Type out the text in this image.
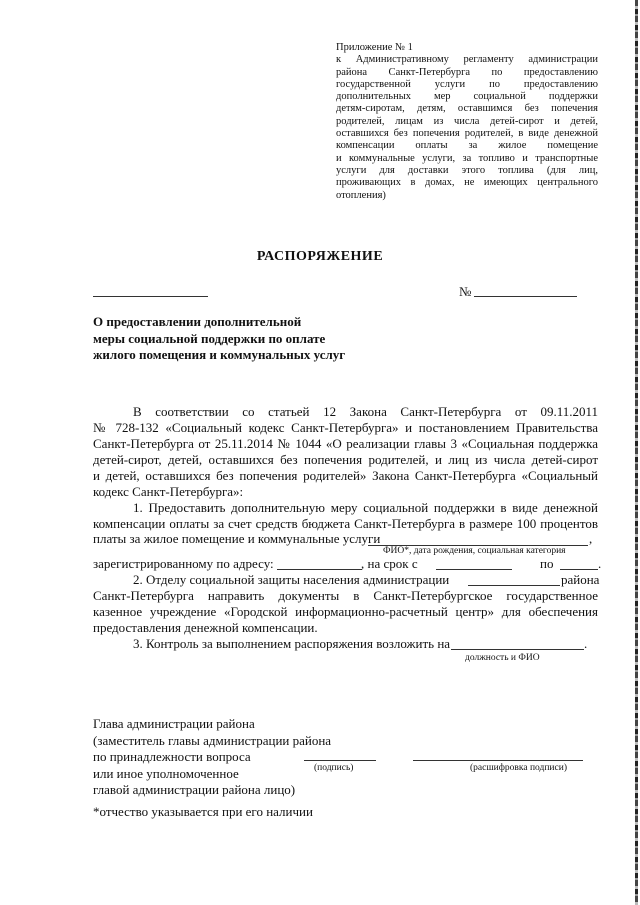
Приложение № 1
к Административному регламенту администрации
района Санкт-Петербурга по предоставлению
государственной услуги по предоставлению
дополнительных мер социальной поддержки
детям-сиротам, детям, оставшимся без попечения
родителей, лицам из числа детей-сирот и детей,
оставшихся без попечения родителей, в виде денежной
компенсации оплаты за жилое помещение
и коммунальные услуги, за топливо и транспортные
услуги для доставки этого топлива (для лиц,
проживающих в домах, не имеющих центрального
отопления)
РАСПОРЯЖЕНИЕ
№
О предоставлении дополнительной
меры социальной поддержки по оплате
жилого помещения и коммунальных услуг
В соответствии со статьей 12 Закона Санкт-Петербурга от 09.11.2011
№ 728-132 «Социальный кодекс Санкт-Петербурга» и постановлением Правительства
Санкт-Петербурга от 25.11.2014 № 1044 «О реализации главы 3 «Социальная поддержка
детей-сирот, детей, оставшихся без попечения родителей, и лиц из числа детей-сирот
и детей, оставшихся без попечения родителей» Закона Санкт-Петербурга «Социальный
кодекс Санкт-Петербурга»:
1. Предоставить дополнительную меру социальной поддержки в виде денежной
компенсации оплаты за счет средств бюджета Санкт-Петербурга в размере 100 процентов
платы за жилое помещение и коммунальные услуги	,
ФИО*, дата рождения, социальная категория
зарегистрированному по адресу:	, на срок с	по	.
2. Отделу социальной защиты населения администрации	района
Санкт-Петербурга направить документы в Санкт-Петербургское государственное
казенное учреждение «Городской информационно-расчетный центр» для обеспечения
предоставления денежной компенсации.
3. Контроль за выполнением распоряжения возложить на	.
должность и ФИО
Глава администрации района
(заместитель главы администрации района
по принадлежности вопроса
или иное уполномоченное
главой администрации района лицо)
(подпись)	(расшифровка подписи)
*отчество указывается при его наличии
